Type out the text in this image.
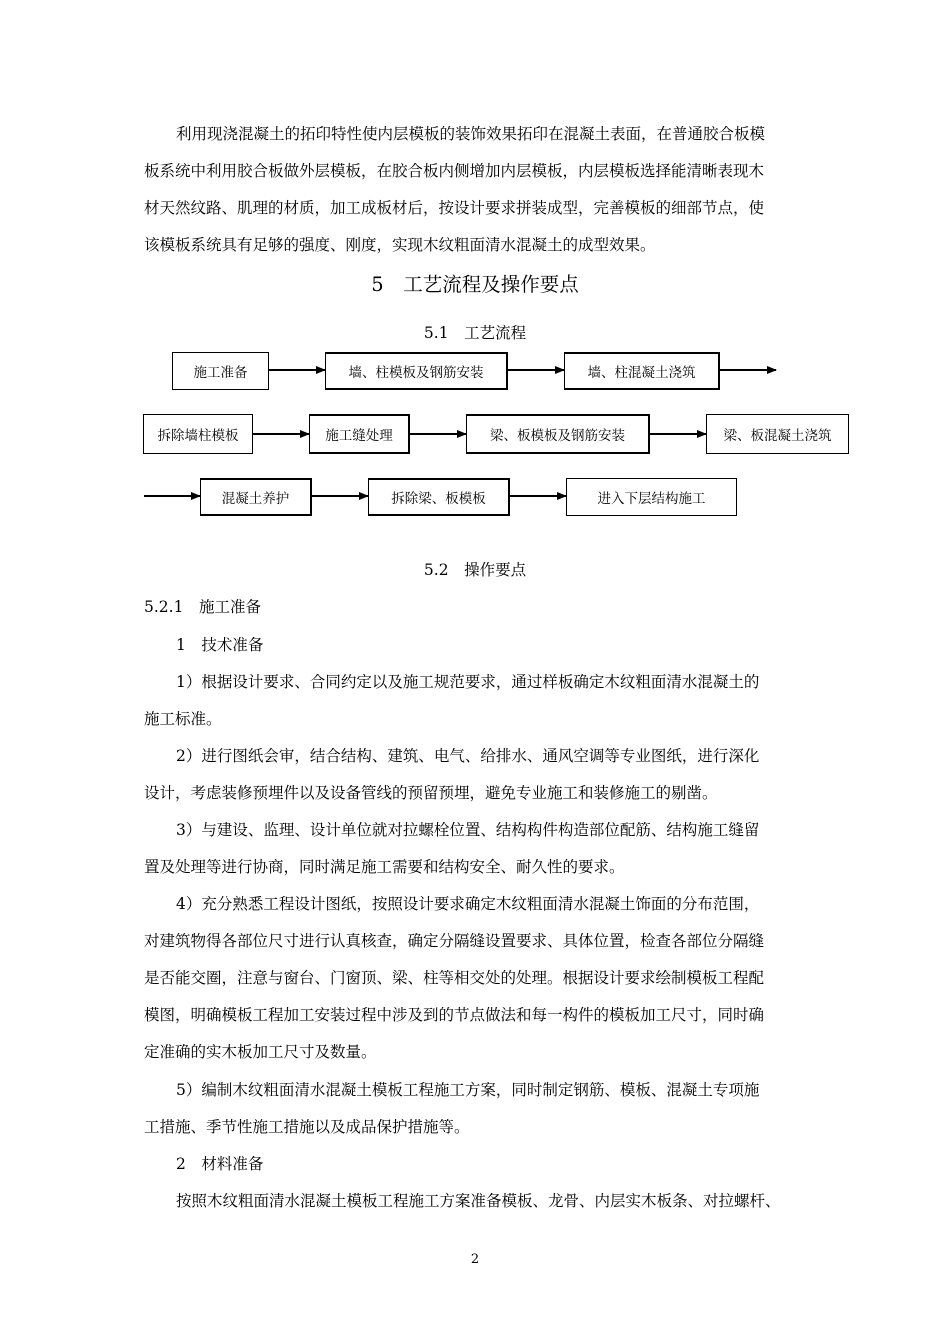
利用现浇混凝土的拓印特性使内层模板的装饰效果拓印在混凝土表面，在普通胶合板模

板系统中利用胶合板做外层模板，在胶合板内侧增加内层模板，内层模板选择能清晰表现木

材天然纹路、肌理的材质，加工成板材后，按设计要求拼装成型，完善模板的细部节点，使

该模板系统具有足够的强度、刚度，实现木纹粗面清水混凝土的成型效果。

5　工艺流程及操作要点

5.1　工艺流程

施工准备	墙、柱模板及钢筋安装	墙、柱混凝土浇筑
拆除墙柱模板	施工缝处理	梁、板模板及钢筋安装	梁、板混凝土浇筑
混凝土养护	拆除梁、板模板	进入下层结构施工

5.2　操作要点

5.2.1　施工准备

1　技术准备

1）根据设计要求、合同约定以及施工规范要求，通过样板确定木纹粗面清水混凝土的

施工标准。

2）进行图纸会审，结合结构、建筑、电气、给排水、通风空调等专业图纸，进行深化

设计，考虑装修预埋件以及设备管线的预留预埋，避免专业施工和装修施工的剔凿。

3）与建设、监理、设计单位就对拉螺栓位置、结构构件构造部位配筋、结构施工缝留

置及处理等进行协商，同时满足施工需要和结构安全、耐久性的要求。

4）充分熟悉工程设计图纸，按照设计要求确定木纹粗面清水混凝土饰面的分布范围，

对建筑物得各部位尺寸进行认真核查，确定分隔缝设置要求、具体位置，检查各部位分隔缝

是否能交圈，注意与窗台、门窗顶、梁、柱等相交处的处理。根据设计要求绘制模板工程配

模图，明确模板工程加工安装过程中涉及到的节点做法和每一构件的模板加工尺寸，同时确

定准确的实木板加工尺寸及数量。

5）编制木纹粗面清水混凝土模板工程施工方案，同时制定钢筋、模板、混凝土专项施

工措施、季节性施工措施以及成品保护措施等。

2　材料准备

按照木纹粗面清水混凝土模板工程施工方案准备模板、龙骨、内层实木板条、对拉螺杆、

2
